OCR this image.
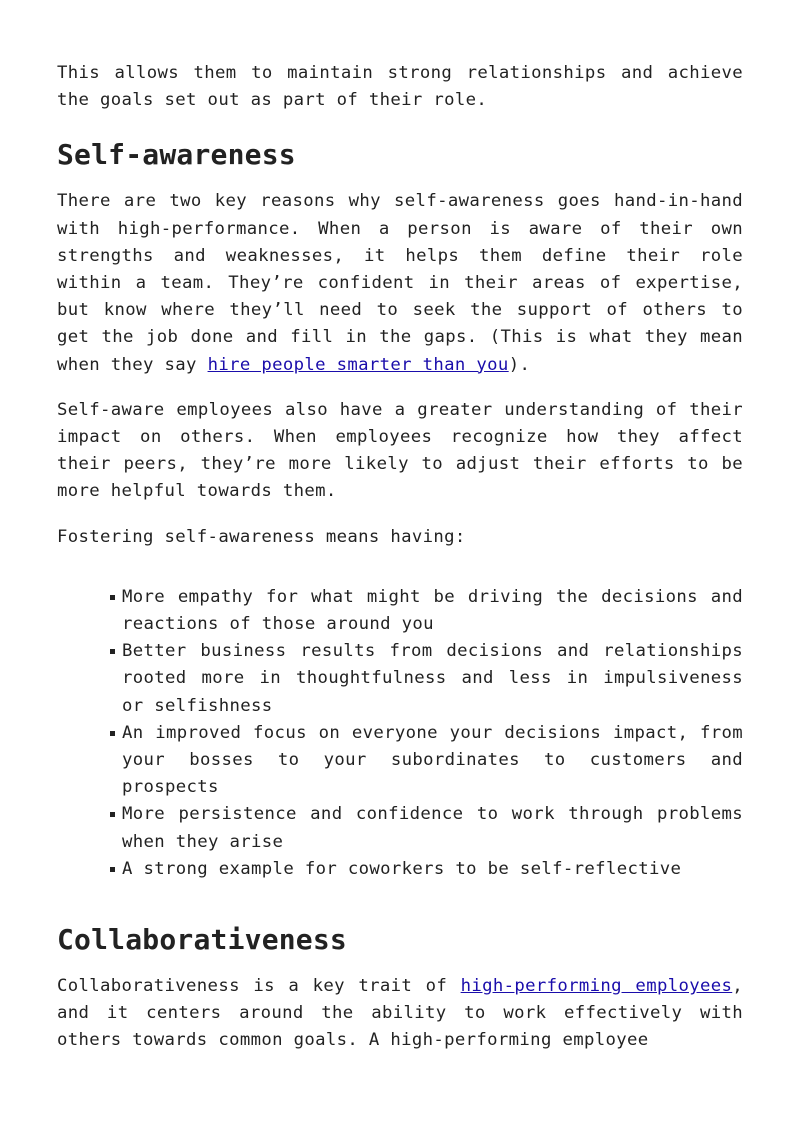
This allows them to maintain strong relationships and achieve the goals set out as part of their role.

Self-awareness

There are two key reasons why self-awareness goes hand-in-hand with high-performance. When a person is aware of their own strengths and weaknesses, it helps them define their role within a team. They’re confident in their areas of expertise, but know where they’ll need to seek the support of others to get the job done and fill in the gaps. (This is what they mean when they say hire people smarter than you).

Self-aware employees also have a greater understanding of their impact on others. When employees recognize how they affect their peers, they’re more likely to adjust their efforts to be more helpful towards them.

Fostering self-awareness means having:

More empathy for what might be driving the decisions and reactions of those around you
Better business results from decisions and relationships rooted more in thoughtfulness and less in impulsiveness or selfishness
An improved focus on everyone your decisions impact, from your bosses to your subordinates to customers and prospects
More persistence and confidence to work through problems when they arise
A strong example for coworkers to be self-reflective
Collaborativeness

Collaborativeness is a key trait of high-performing employees, and it centers around the ability to work effectively with others towards common goals. A high-performing employee
